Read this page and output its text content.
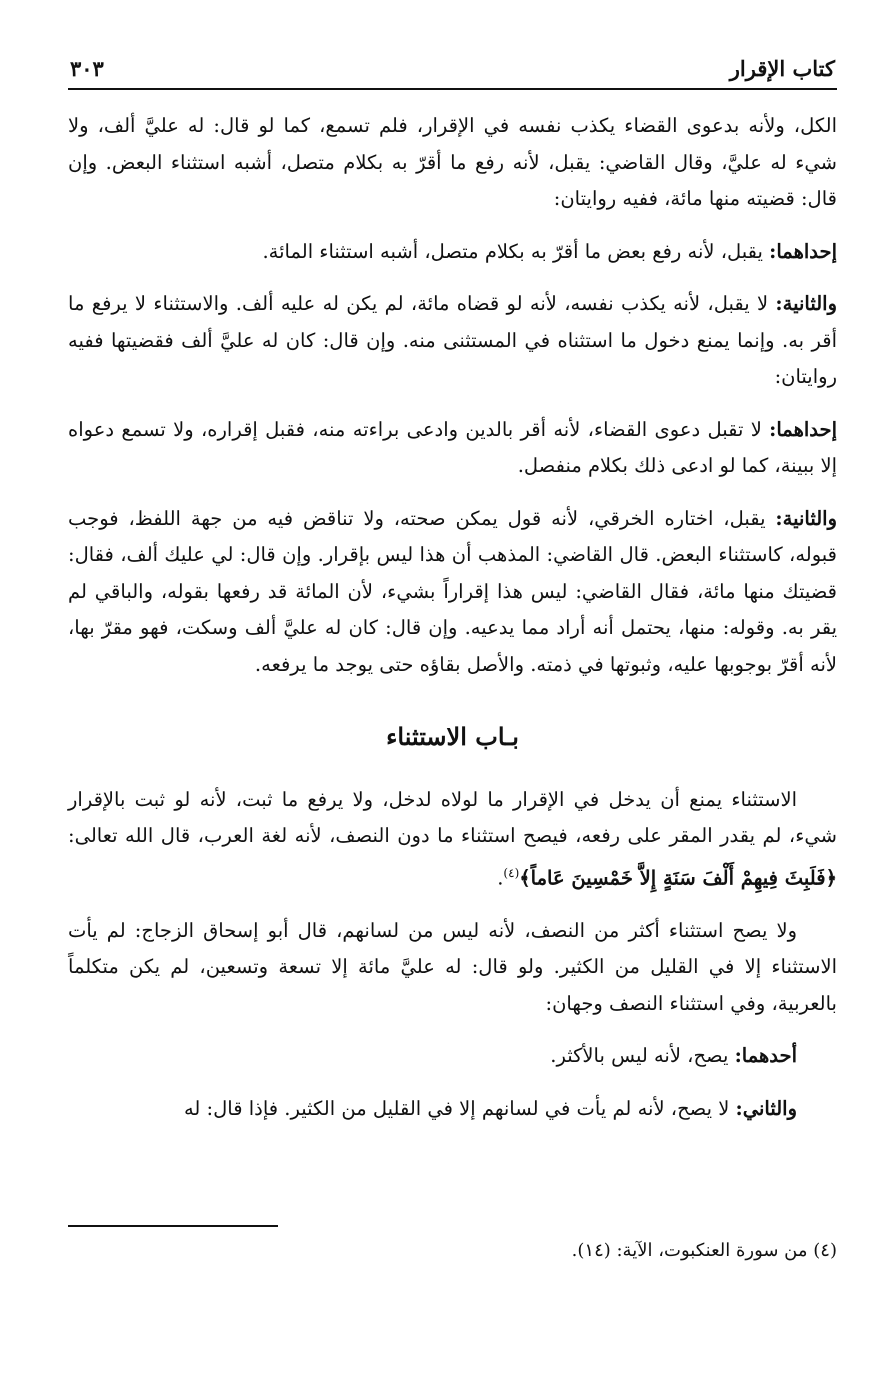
كتاب الإقرار
٣٠٣

الكل، ولأنه بدعوى القضاء يكذب نفسه في الإقرار، فلم تسمع، كما لو قال: له عليَّ ألف، ولا شيء له عليَّ، وقال القاضي: يقبل، لأنه رفع ما أقرّ به بكلام متصل، أشبه استثناء البعض. وإن قال: قضيته منها مائة، ففيه روايتان:

إحداهما: يقبل، لأنه رفع بعض ما أقرّ به بكلام متصل، أشبه استثناء المائة.

والثانية: لا يقبل، لأنه يكذب نفسه، لأنه لو قضاه مائة، لم يكن له عليه ألف. والاستثناء لا يرفع ما أقر به. وإنما يمنع دخول ما استثناه في المستثنى منه. وإن قال: كان له عليَّ ألف فقضيتها ففيه روايتان:

إحداهما: لا تقبل دعوى القضاء، لأنه أقر بالدين وادعى براءته منه، فقبل إقراره، ولا تسمع دعواه إلا ببينة، كما لو ادعى ذلك بكلام منفصل.

والثانية: يقبل، اختاره الخرقي، لأنه قول يمكن صحته، ولا تناقض فيه من جهة اللفظ، فوجب قبوله، كاستثناء البعض. قال القاضي: المذهب أن هذا ليس بإقرار. وإن قال: لي عليك ألف، فقال: قضيتك منها مائة، فقال القاضي: ليس هذا إقراراً بشيء، لأن المائة قد رفعها بقوله، والباقي لم يقر به. وقوله: منها، يحتمل أنه أراد مما يدعيه. وإن قال: كان له عليَّ ألف وسكت، فهو مقرّ بها، لأنه أقرّ بوجوبها عليه، وثبوتها في ذمته. والأصل بقاؤه حتى يوجد ما يرفعه.

بـاب الاستثناء

الاستثناء يمنع أن يدخل في الإقرار ما لولاه لدخل، ولا يرفع ما ثبت، لأنه لو ثبت بالإقرار شيء، لم يقدر المقر على رفعه، فيصح استثناء ما دون النصف، لأنه لغة العرب، قال الله تعالى: ﴿فَلَبِثَ فِيهِمْ أَلْفَ سَنَةٍ إِلاَّ خَمْسِينَ عَاماً﴾$^{(٤)}$.

ولا يصح استثناء أكثر من النصف، لأنه ليس من لسانهم، قال أبو إسحاق الزجاج: لم يأت الاستثناء إلا في القليل من الكثير. ولو قال: له عليَّ مائة إلا تسعة وتسعين، لم يكن متكلماً بالعربية، وفي استثناء النصف وجهان:

أحدهما: يصح، لأنه ليس بالأكثر.

والثاني: لا يصح، لأنه لم يأت في لسانهم إلا في القليل من الكثير. فإذا قال: له

(٤) من سورة العنكبوت، الآية: (١٤).
